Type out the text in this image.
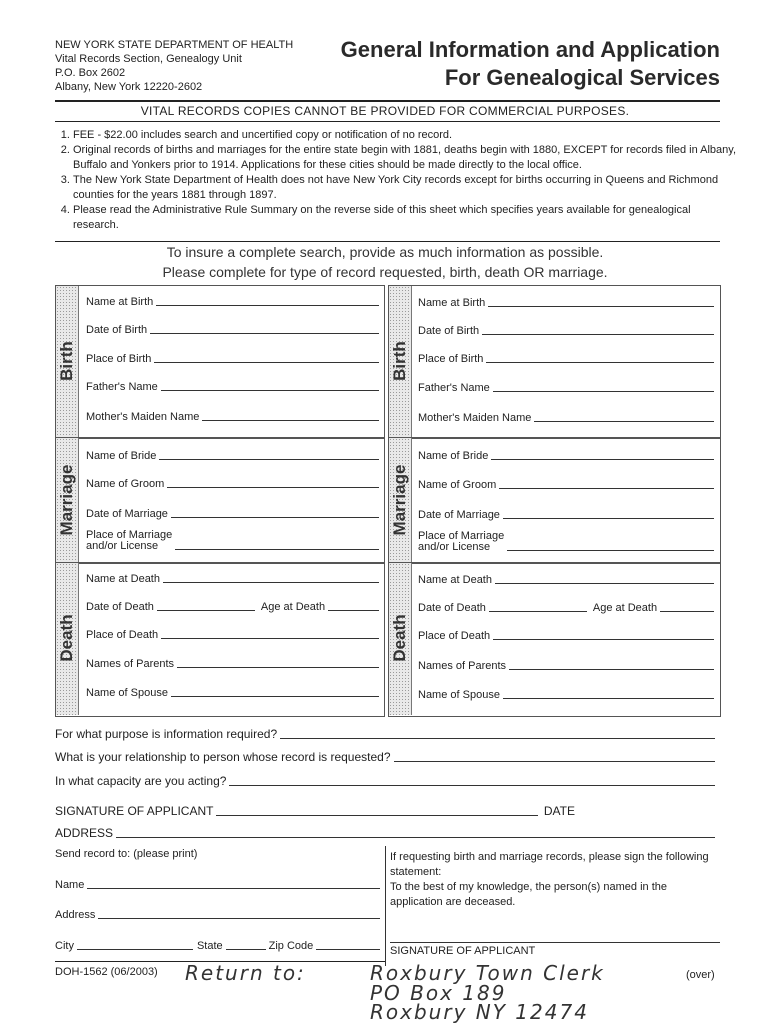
NEW YORK STATE DEPARTMENT OF HEALTH
Vital Records Section, Genealogy Unit
P.O. Box 2602
Albany, New York 12220-2602
General Information and Application
For Genealogical Services
VITAL RECORDS COPIES CANNOT BE PROVIDED FOR COMMERCIAL PURPOSES.
1. FEE - $22.00 includes search and uncertified copy or notification of no record.
2. Original records of births and marriages for the entire state begin with 1881, deaths begin with 1880, EXCEPT for records filed in Albany, Buffalo and Yonkers prior to 1914. Applications for these cities should be made directly to the local office.
3. The New York State Department of Health does not have New York City records except for births occurring in Queens and Richmond counties for the years 1881 through 1897.
4. Please read the Administrative Rule Summary on the reverse side of this sheet which specifies years available for genealogical research.
To insure a complete search, provide as much information as possible.
Please complete for type of record requested, birth, death OR marriage.
Birth
Name at Birth
Date of Birth
Place of Birth
Father's Name
Mother's Maiden Name
Marriage
Name of Bride
Name of Groom
Date of Marriage
Place of Marriage
and/or License
Death
Name at Death
Date of Death	Age at Death
Place of Death
Names of Parents
Name of Spouse
Birth
Name at Birth
Date of Birth
Place of Birth
Father's Name
Mother's Maiden Name
Marriage
Name of Bride
Name of Groom
Date of Marriage
Place of Marriage
and/or License
Death
Name at Death
Date of Death	Age at Death
Place of Death
Names of Parents
Name of Spouse
For what purpose is information required?
What is your relationship to person whose record is requested?
In what capacity are you acting?
SIGNATURE OF APPLICANT	DATE
ADDRESS
Send record to: (please print)
Name
Address
City	State	Zip Code
If requesting birth and marriage records, please sign the following statement:
To the best of my knowledge, the person(s) named in the application are deceased.
SIGNATURE OF APPLICANT
DOH-1562 (06/2003)	(over)
Return to:	Roxbury Town Clerk
PO Box 189
Roxbury NY 12474
